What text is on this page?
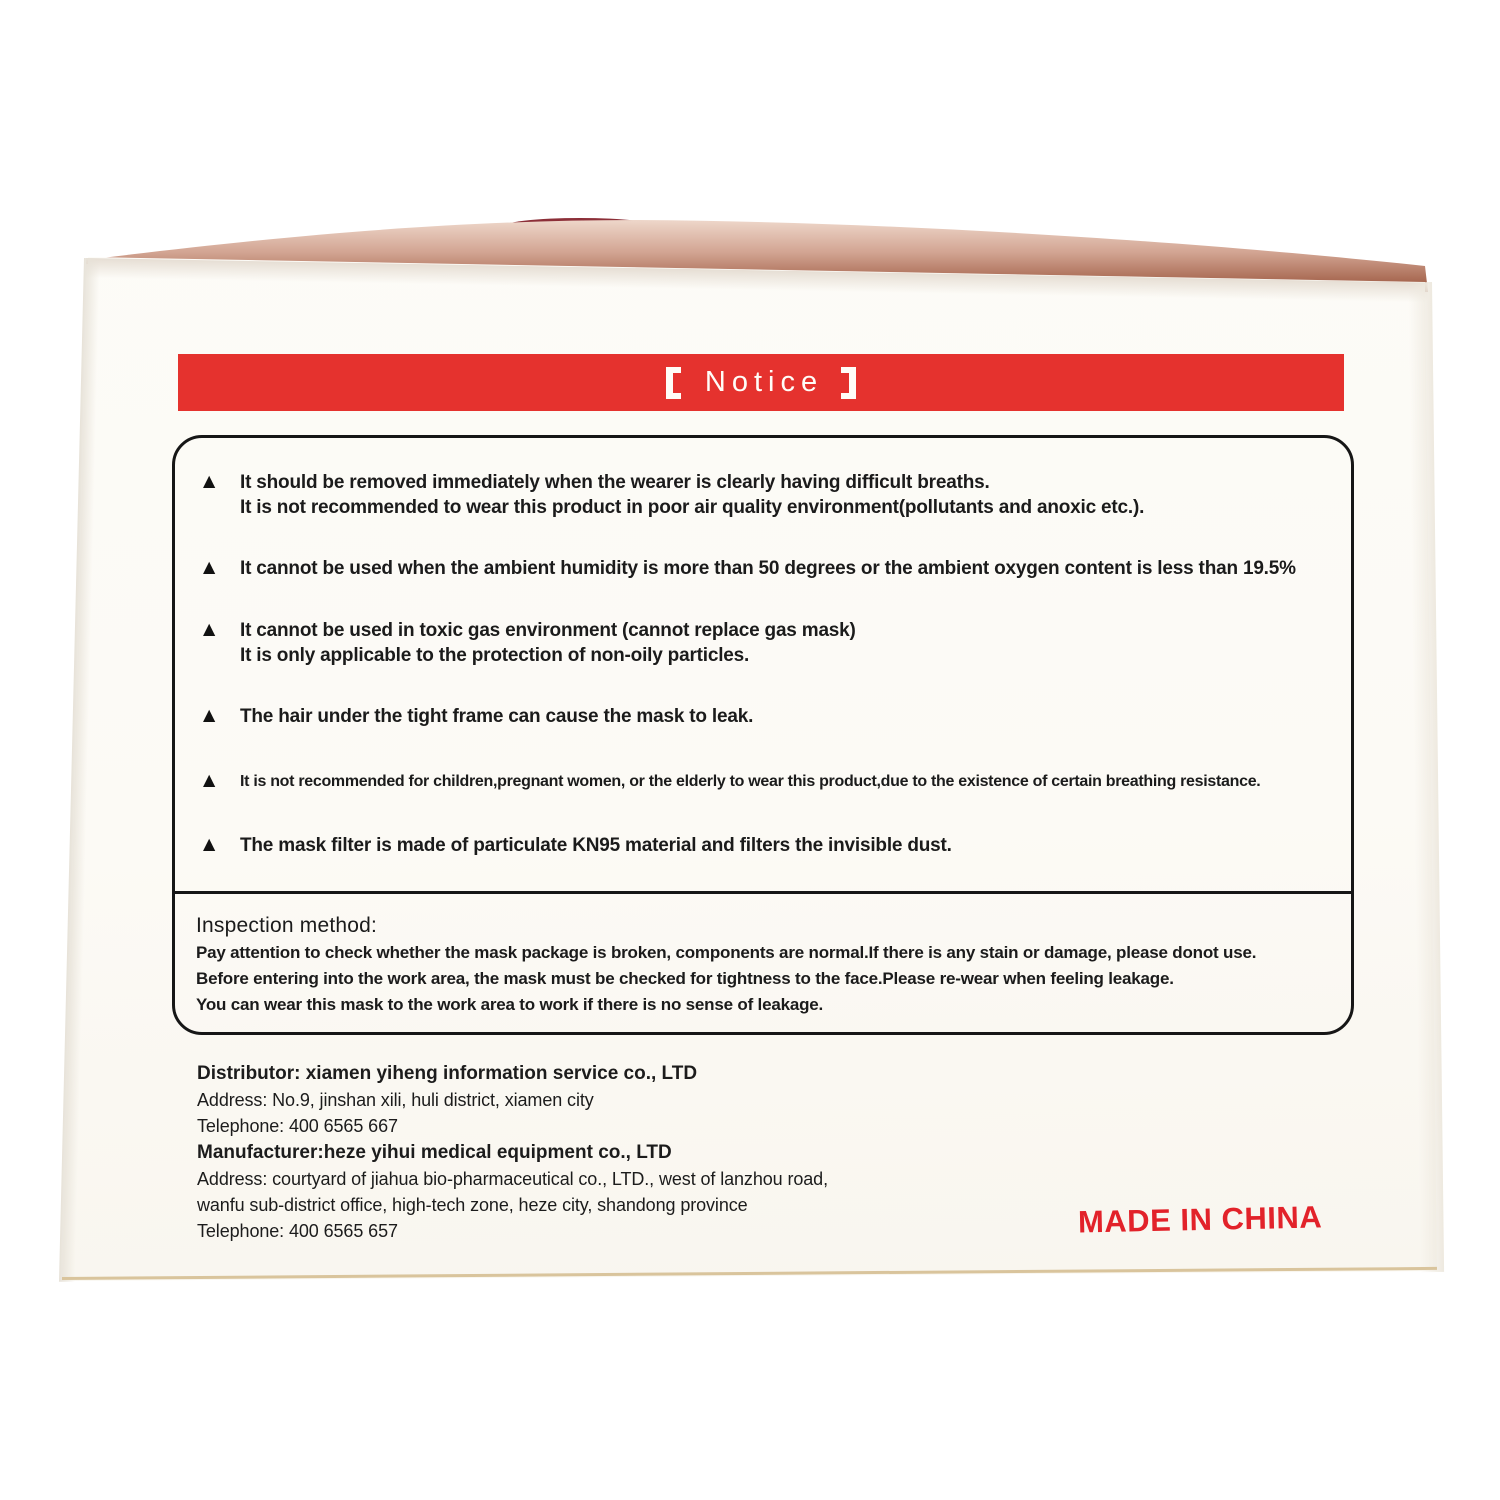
Notice
▲ It should be removed immediately when the wearer is clearly having difficult breaths.
It is not recommended to wear this product in poor air quality environment(pollutants and anoxic etc.).
▲ It cannot be used when the ambient humidity is more than 50 degrees or the ambient oxygen content is less than 19.5%
▲ It cannot be used in toxic gas environment (cannot replace gas mask)
It is only applicable to the protection of non-oily particles.
▲ The hair under the tight frame can cause the mask to leak.
▲ It is not recommended for children,pregnant women, or the elderly to wear this product,due to the existence of certain breathing resistance.
▲ The mask filter is made of particulate KN95 material and filters the invisible dust.
Inspection method:
Pay attention to check whether the mask package is broken, components are normal.If there is any stain or damage, please donot use.
Before entering into the work area, the mask must be checked for tightness to the face.Please re-wear when feeling leakage.
You can wear this mask to the work area to work if there is no sense of leakage.
Distributor: xiamen yiheng information service co., LTD
Address: No.9, jinshan xili, huli district, xiamen city
Telephone: 400 6565 667
Manufacturer:heze yihui medical equipment co., LTD
Address: courtyard of jiahua bio-pharmaceutical co., LTD., west of lanzhou road,
wanfu sub-district office, high-tech zone, heze city, shandong province
Telephone: 400 6565 657	MADE IN CHINA
